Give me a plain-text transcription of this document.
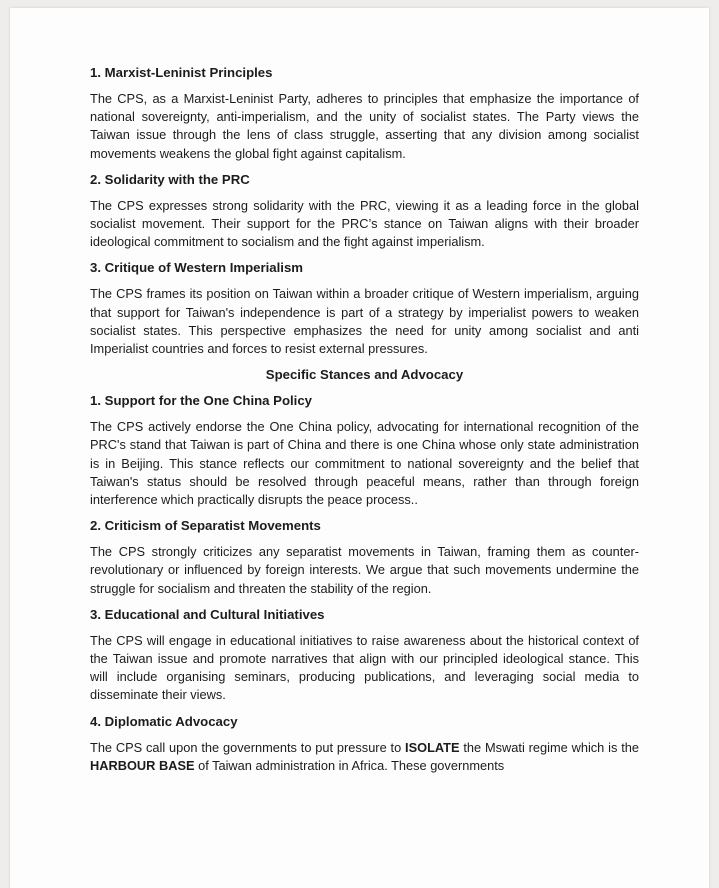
1. Marxist-Leninist Principles
The CPS, as a Marxist-Leninist Party, adheres to principles that emphasize the importance of national sovereignty, anti-imperialism, and the unity of socialist states. The Party views the Taiwan issue through the lens of class struggle, asserting that any division among socialist movements weakens the global fight against capitalism.
2. Solidarity with the PRC
The CPS expresses strong solidarity with the PRC, viewing it as a leading force in the global socialist movement. Their support for the PRC’s stance on Taiwan aligns with their broader ideological commitment to socialism and the fight against imperialism.
3. Critique of Western Imperialism
The CPS frames its position on Taiwan within a broader critique of Western imperialism, arguing that support for Taiwan's independence is part of a strategy by imperialist powers to weaken socialist states. This perspective emphasizes the need for unity among socialist and anti Imperialist countries and forces to resist external pressures.
Specific Stances and Advocacy
1. Support for the One China Policy
The CPS actively endorse the One China policy, advocating for international recognition of the PRC's stand that Taiwan is part of China and there is one China whose only state administration is in Beijing. This stance reflects our commitment to national sovereignty and the belief that Taiwan's status should be resolved through peaceful means, rather than through foreign interference which practically disrupts the peace process..
2. Criticism of Separatist Movements
The CPS strongly criticizes any separatist movements in Taiwan, framing them as counter-revolutionary or influenced by foreign interests. We argue that such movements undermine the struggle for socialism and threaten the stability of the region.
3. Educational and Cultural Initiatives
The CPS will engage in educational initiatives to raise awareness about the historical context of the Taiwan issue and promote narratives that align with our principled ideological stance. This will include organising seminars, producing publications, and leveraging social media to disseminate their views.
4. Diplomatic Advocacy
The CPS call upon the governments to put pressure to ISOLATE the Mswati regime which is the HARBOUR BASE of Taiwan administration in Africa. These governments
